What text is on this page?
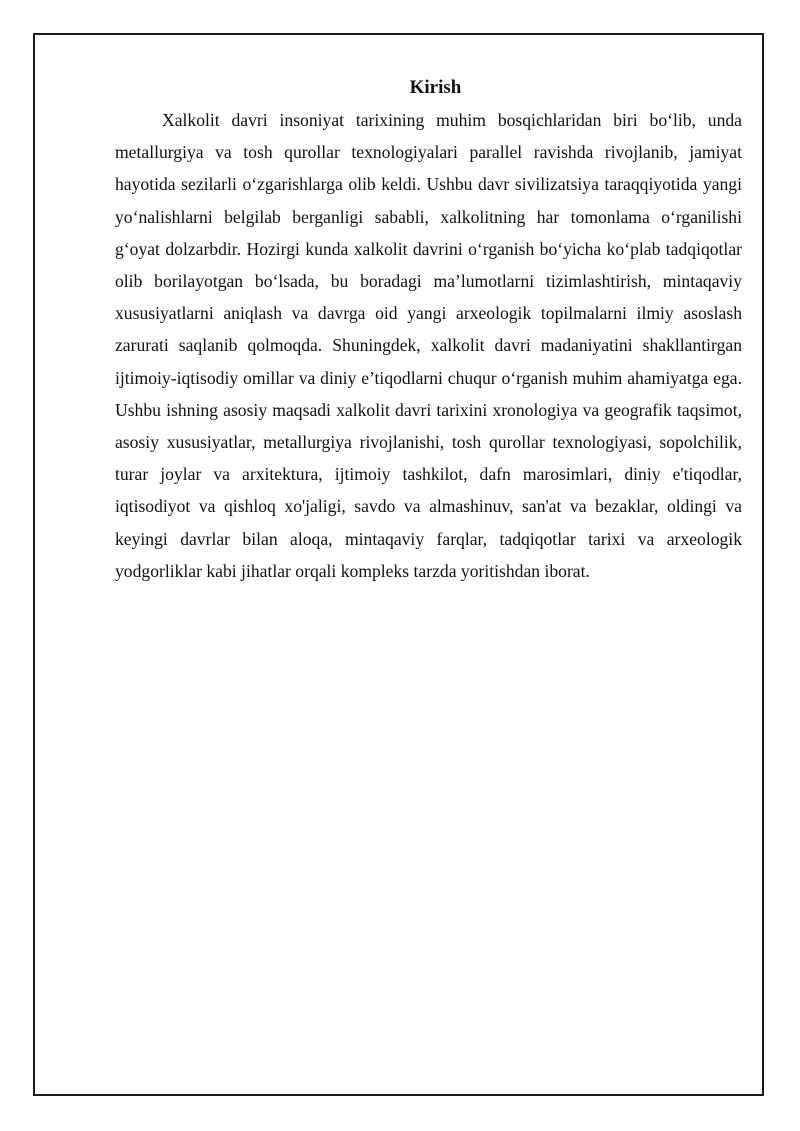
Kirish

Xalkolit davri insoniyat tarixining muhim bosqichlaridan biri bo‘lib, unda metallurgiya va tosh qurollar texnologiyalari parallel ravishda rivojlanib, jamiyat hayotida sezilarli o‘zgarishlarga olib keldi. Ushbu davr sivilizatsiya taraqqiyotida yangi yo‘nalishlarni belgilab berganligi sababli, xalkolitning har tomonlama o‘rganilishi g‘oyat dolzarbdir. Hozirgi kunda xalkolit davrini o‘rganish bo‘yicha ko‘plab tadqiqotlar olib borilayotgan bo‘lsada, bu boradagi ma’lumotlarni tizimlashtirish, mintaqaviy xususiyatlarni aniqlash va davrga oid yangi arxeologik topilmalarni ilmiy asoslash zarurati saqlanib qolmoqda. Shuningdek, xalkolit davri madaniyatini shakllantirgan ijtimoiy-iqtisodiy omillar va diniy e’tiqodlarni chuqur o‘rganish muhim ahamiyatga ega. Ushbu ishning asosiy maqsadi xalkolit davri tarixini xronologiya va geografik taqsimot, asosiy xususiyatlar, metallurgiya rivojlanishi, tosh qurollar texnologiyasi, sopolchilik, turar joylar va arxitektura, ijtimoiy tashkilot, dafn marosimlari, diniy e'tiqodlar, iqtisodiyot va qishloq xo'jaligi, savdo va almashinuv, san'at va bezaklar, oldingi va keyingi davrlar bilan aloqa, mintaqaviy farqlar, tadqiqotlar tarixi va arxeologik yodgorliklar kabi jihatlar orqali kompleks tarzda yoritishdan iborat.
